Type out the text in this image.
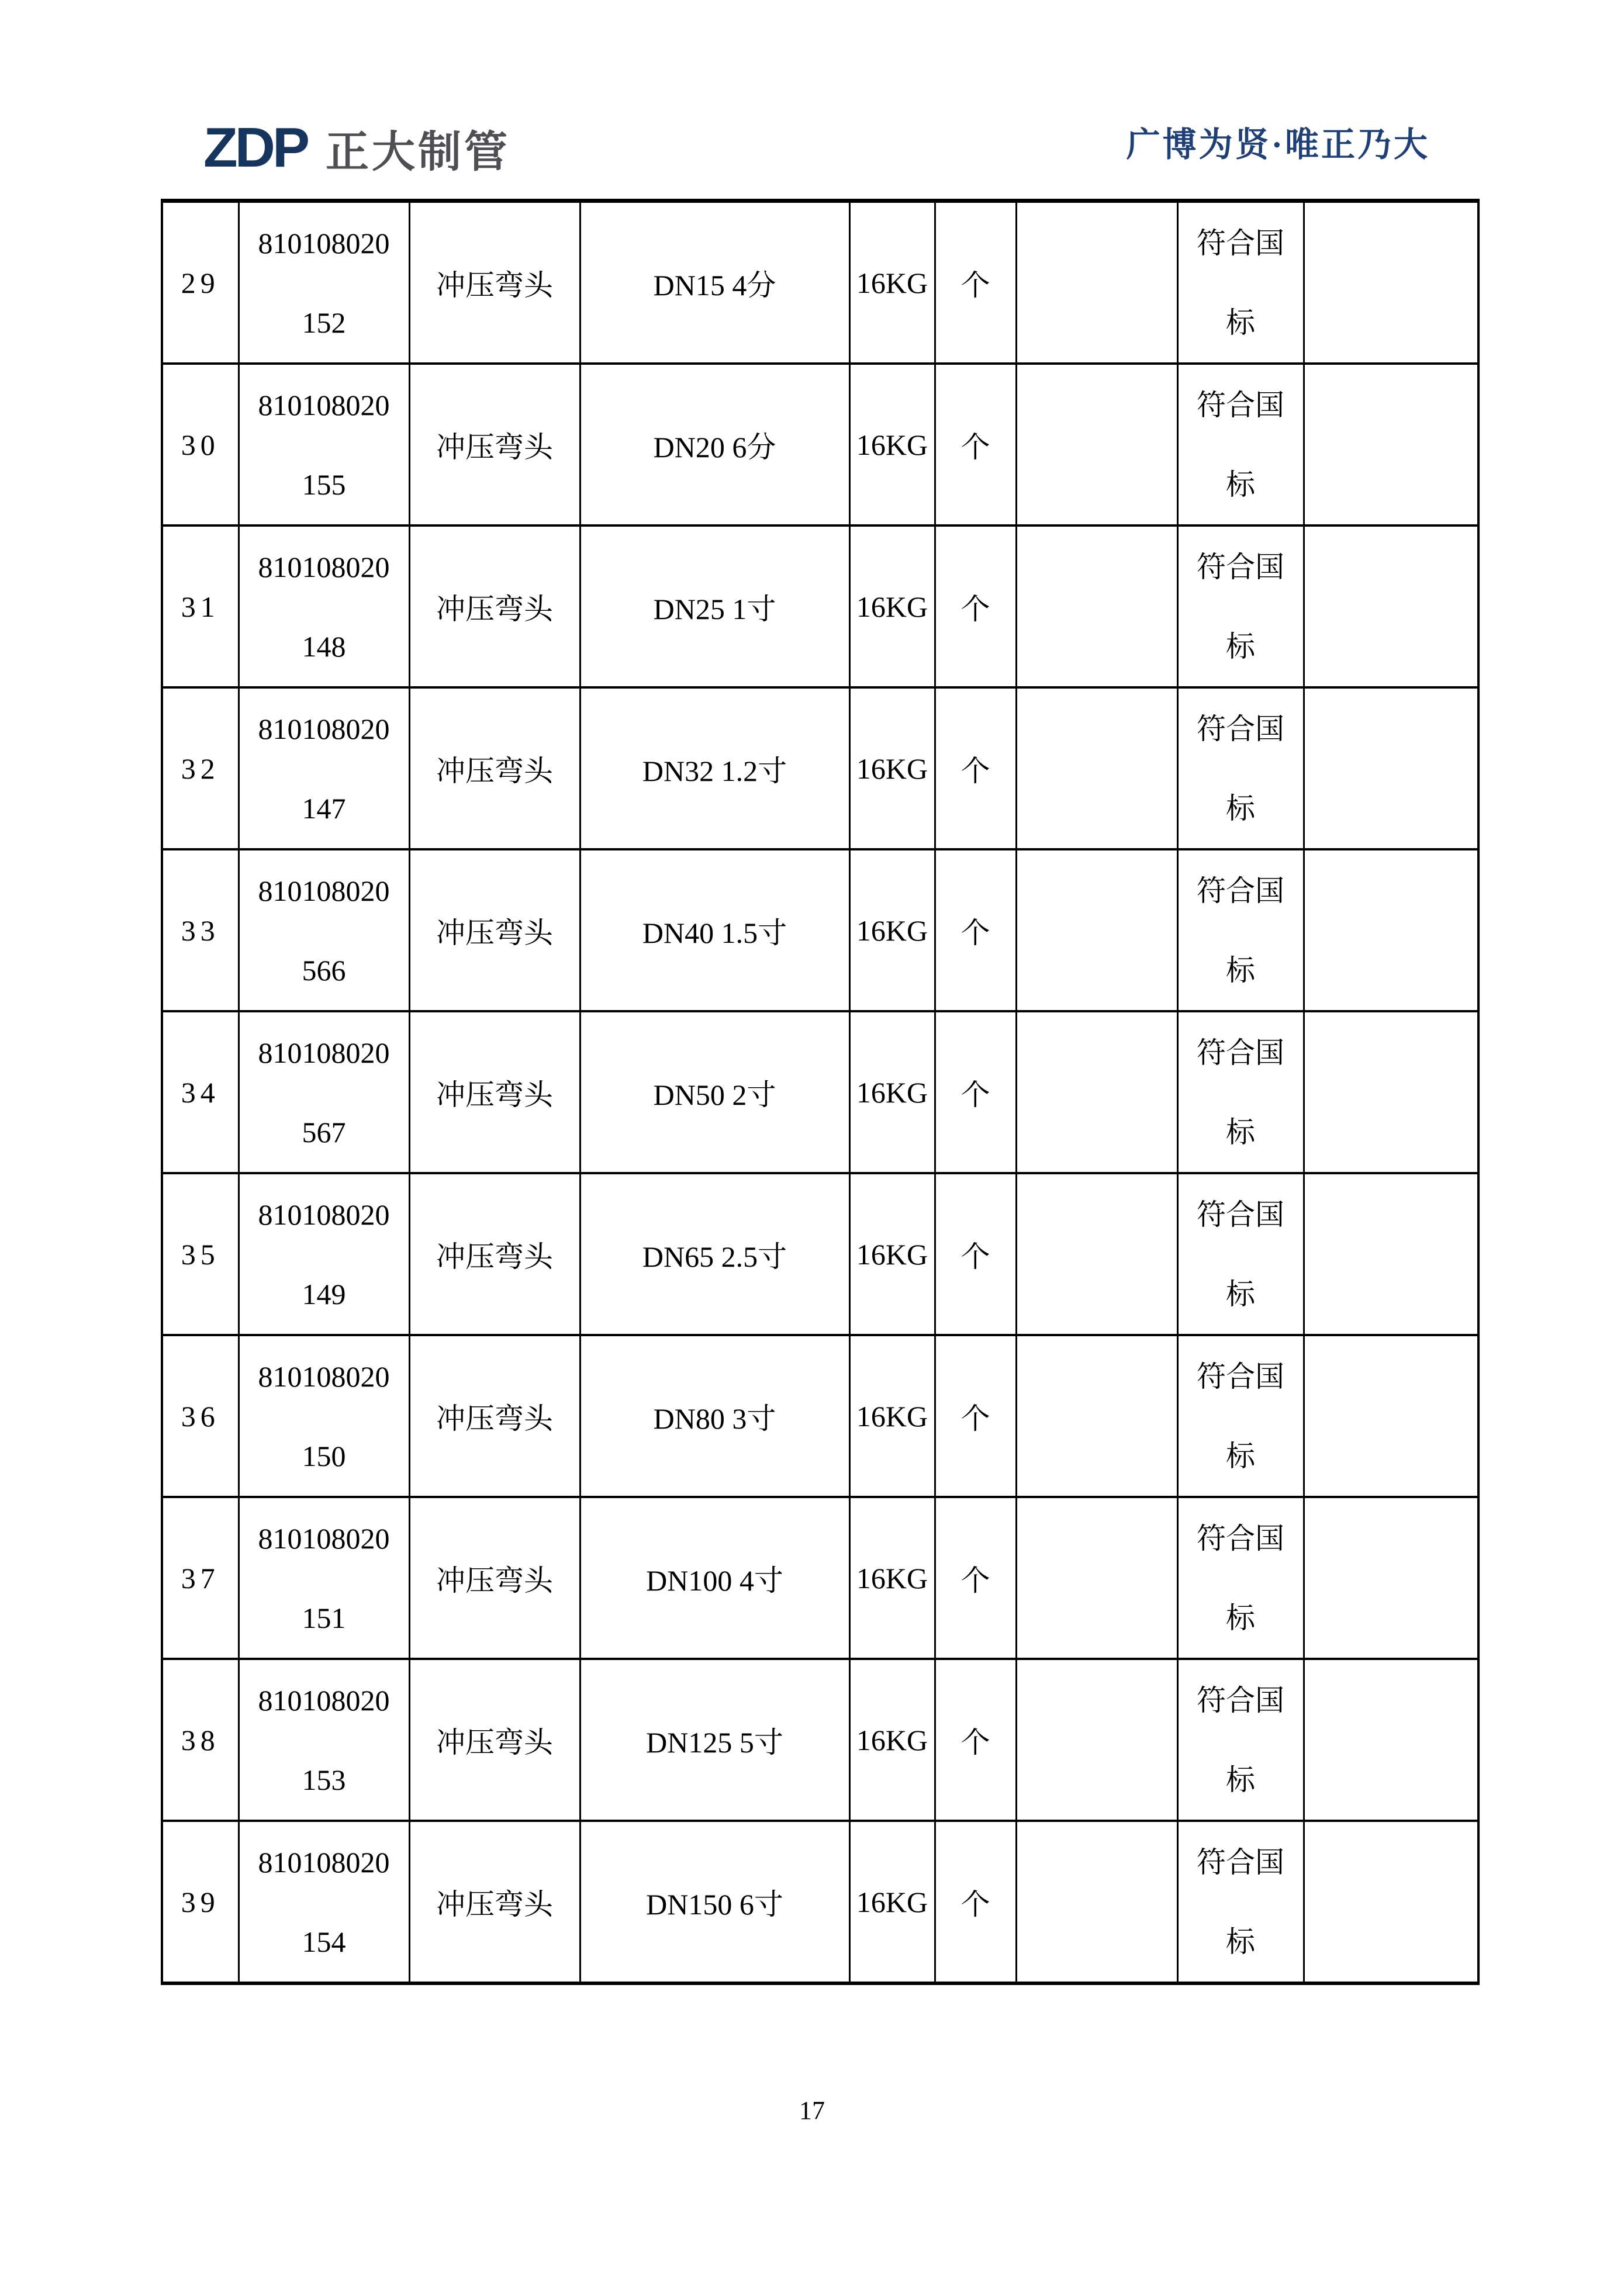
ZDP 正大制管	广博为贤·唯正乃大
29	810108020152	冲压弯头	DN15 4分	16KG	个		符合国标	
30	810108020155	冲压弯头	DN20 6分	16KG	个		符合国标	
31	810108020148	冲压弯头	DN25 1寸	16KG	个		符合国标	
32	810108020147	冲压弯头	DN32 1.2寸	16KG	个		符合国标	
33	810108020566	冲压弯头	DN40 1.5寸	16KG	个		符合国标	
34	810108020567	冲压弯头	DN50 2寸	16KG	个		符合国标	
35	810108020149	冲压弯头	DN65 2.5寸	16KG	个		符合国标	
36	810108020150	冲压弯头	DN80 3寸	16KG	个		符合国标	
37	810108020151	冲压弯头	DN100 4寸	16KG	个		符合国标	
38	810108020153	冲压弯头	DN125 5寸	16KG	个		符合国标	
39	810108020154	冲压弯头	DN150 6寸	16KG	个		符合国标	
17
